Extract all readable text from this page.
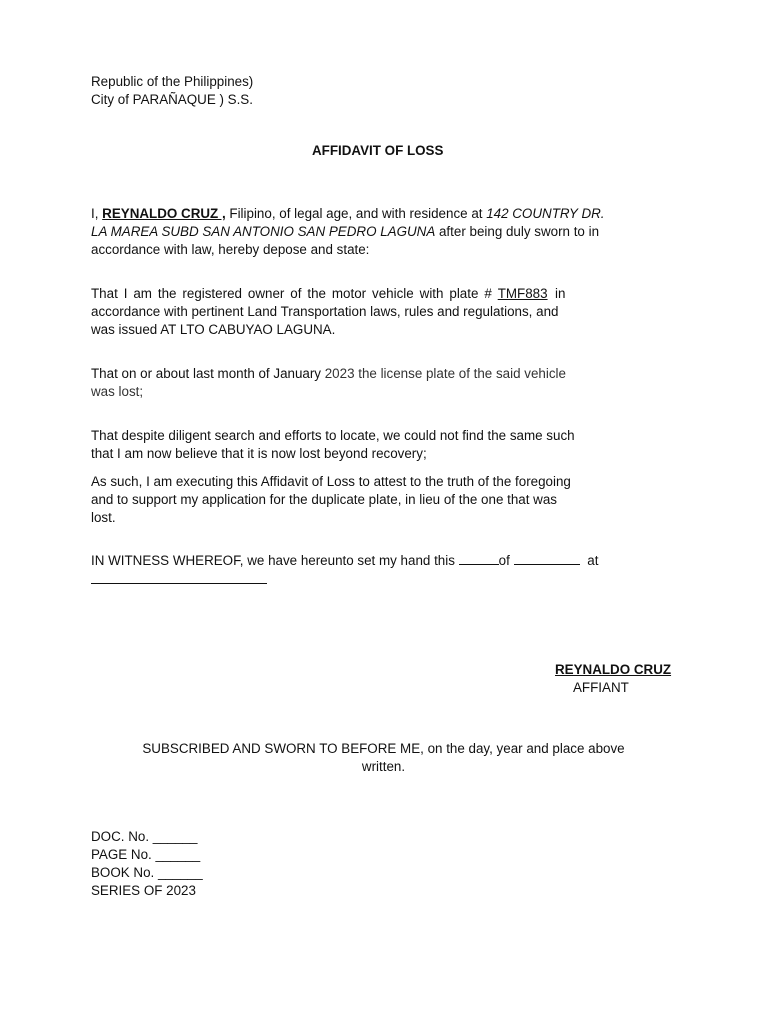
Republic of the Philippines)
City of PARAÑAQUE ) S.S.
AFFIDAVIT OF LOSS
I, REYNALDO CRUZ , Filipino, of legal age, and with residence at 142 COUNTRY DR.
LA MAREA SUBD SAN ANTONIO SAN PEDRO LAGUNA after being duly sworn to in
accordance with law, hereby depose and state:
That I am the registered owner of the motor vehicle with plate # TMF883  in
accordance with pertinent Land Transportation laws, rules and regulations, and
was issued AT LTO CABUYAO LAGUNA.
That on or about last month of January 2023 the license plate of the said vehicle
was lost;
That despite diligent search and efforts to locate, we could not find the same such
that I am now believe that it is now lost beyond recovery;
As such, I am executing this Affidavit of Loss to attest to the truth of the foregoing
and to support my application for the duplicate plate, in lieu of the one that was
lost.
IN WITNESS WHEREOF, we have hereunto set my hand this	of	at
REYNALDO CRUZ
AFFIANT
SUBSCRIBED AND SWORN TO BEFORE ME, on the day, year and place above
written.
DOC. No. ______
PAGE No. ______
BOOK No. ______
SERIES OF 2023
